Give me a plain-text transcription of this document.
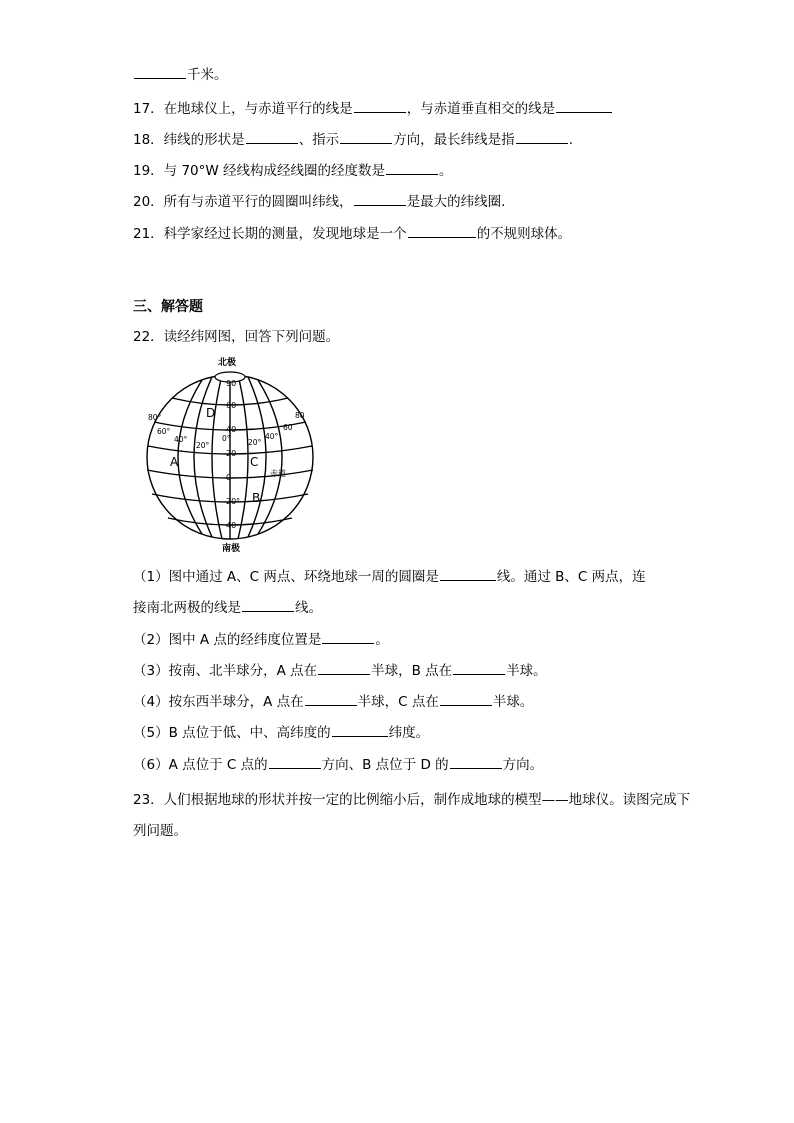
千米。
17．在地球仪上，与赤道平行的线是	，与赤道垂直相交的线是
18．纬线的形状是	、指示	方向，最长纬线是指	.
19．与 70°W 经线构成经线圈的经度数是	。
20．所有与赤道平行的圆圈叫纬线，	是最大的纬线圈.
21．科学家经过长期的测量，发现地球是一个	的不规则球体。
三、解答题
22．读经纬网图，回答下列问题。
北极
南极
90
60
40
20
0
20°
40
80°
60°
40°
20°
0° 20°
40°
60
80
赤道
A
B
C
D
（1）图中通过 A、C 两点、环绕地球一周的圆圈是	线。通过 B、C 两点，连
接南北两极的线是	线。
（2）图中 A 点的经纬度位置是	。
（3）按南、北半球分，A 点在	半球，B 点在	半球。
（4）按东西半球分，A 点在	半球，C 点在	半球。
（5）B 点位于低、中、高纬度的	纬度。
（6）A 点位于 C 点的	方向、B 点位于 D 的	方向。
23．人们根据地球的形状并按一定的比例缩小后，制作成地球的模型——地球仪。读图完成下列问题。
